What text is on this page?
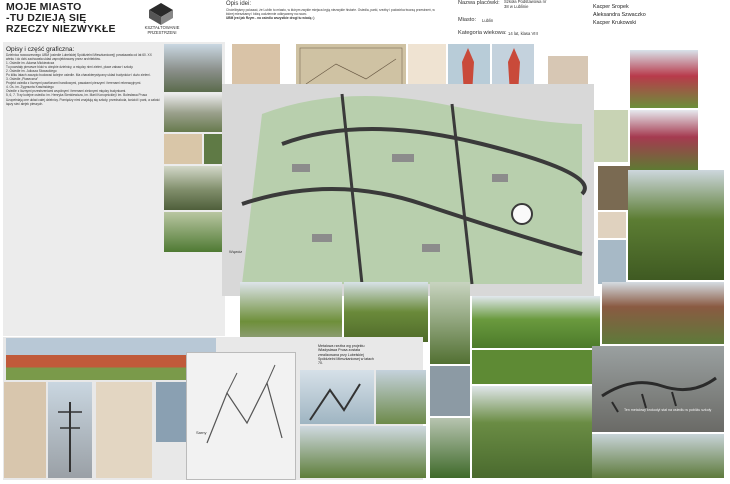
MOJE MIASTO
-TU DZIEJĄ SIĘ
RZECZY NIEZWYKŁE	KSZTAŁTOWANIE
PRZESTRZENI
Opis idei:
Chcielibyśmy pokazać, że Lublin to miasto, w którym zwykłe miejsca kryją niezwykłe historie. Osiedla, parki, rzeźby i podwórka tworzą przestrzeń, w której mieszkamy i którą codziennie odkrywamy na nowo.
UBM jest jak Rzym - na osiedlu wszystkie drogi tu wiodą :)
Nazwa placówki: Szkoła Podstawowa nr 38 w Lublinie
Miasto: Lublin
Kategoria wiekowa: 14 lat, klasa VIII
Kacper Sropek
Aleksandra Szwaczko
Kacper Krukowski
Opisy i część graficzna:
Dzielnica nowoczesnego UBM (osiedle Lubelskiej Spółdzielni Mieszkaniowej) powstawała od lat 60. XX wieku i do dziś zachowała układ zaprojektowany przez architektów.
1. Osiedle im. Adama Mickiewicza
Tu powstały pierwsze bloki w obrębie dzielnicy, a między nimi zieleń, place zabaw i szkoły.
2. Osiedle im. Juliusza Słowackiego
Po kilku latach zaczęto budować kolejne osiedle. Ma charakterystyczny układ budynków i dużo zieleni.
3. Osiedle „Piaseczna”
Projekt osiedla z licznymi pawilonami handlowymi, pasażami pieszymi i terenami rekreacyjnymi.
4. Os. im. Zygmunta Krasińskiego
Osiedle z licznymi przestrzeniami wspólnymi i terenami zielonymi między budynkami.
5, 6, 7. Trzy kolejne osiedla: im. Henryka Sienkiewicza, im. Marii Konopnickiej i im. Bolesława Prusa
Uzupełniają one układ całej dzielnicy. Pomiędzy nimi znajdują się szkoły, przedszkola, kościół i park, a całość łączy sieć alejek pieszych.
Wąwóz
Sarny
Metalowa rzeźba wg projektu Władysława Prusa została zrealizowana przy Lubelskiej Spółdzielni Mieszkaniowej w latach 70.
Ten metalowy krokodyl stał na osiedlu w pobliżu szkoły
